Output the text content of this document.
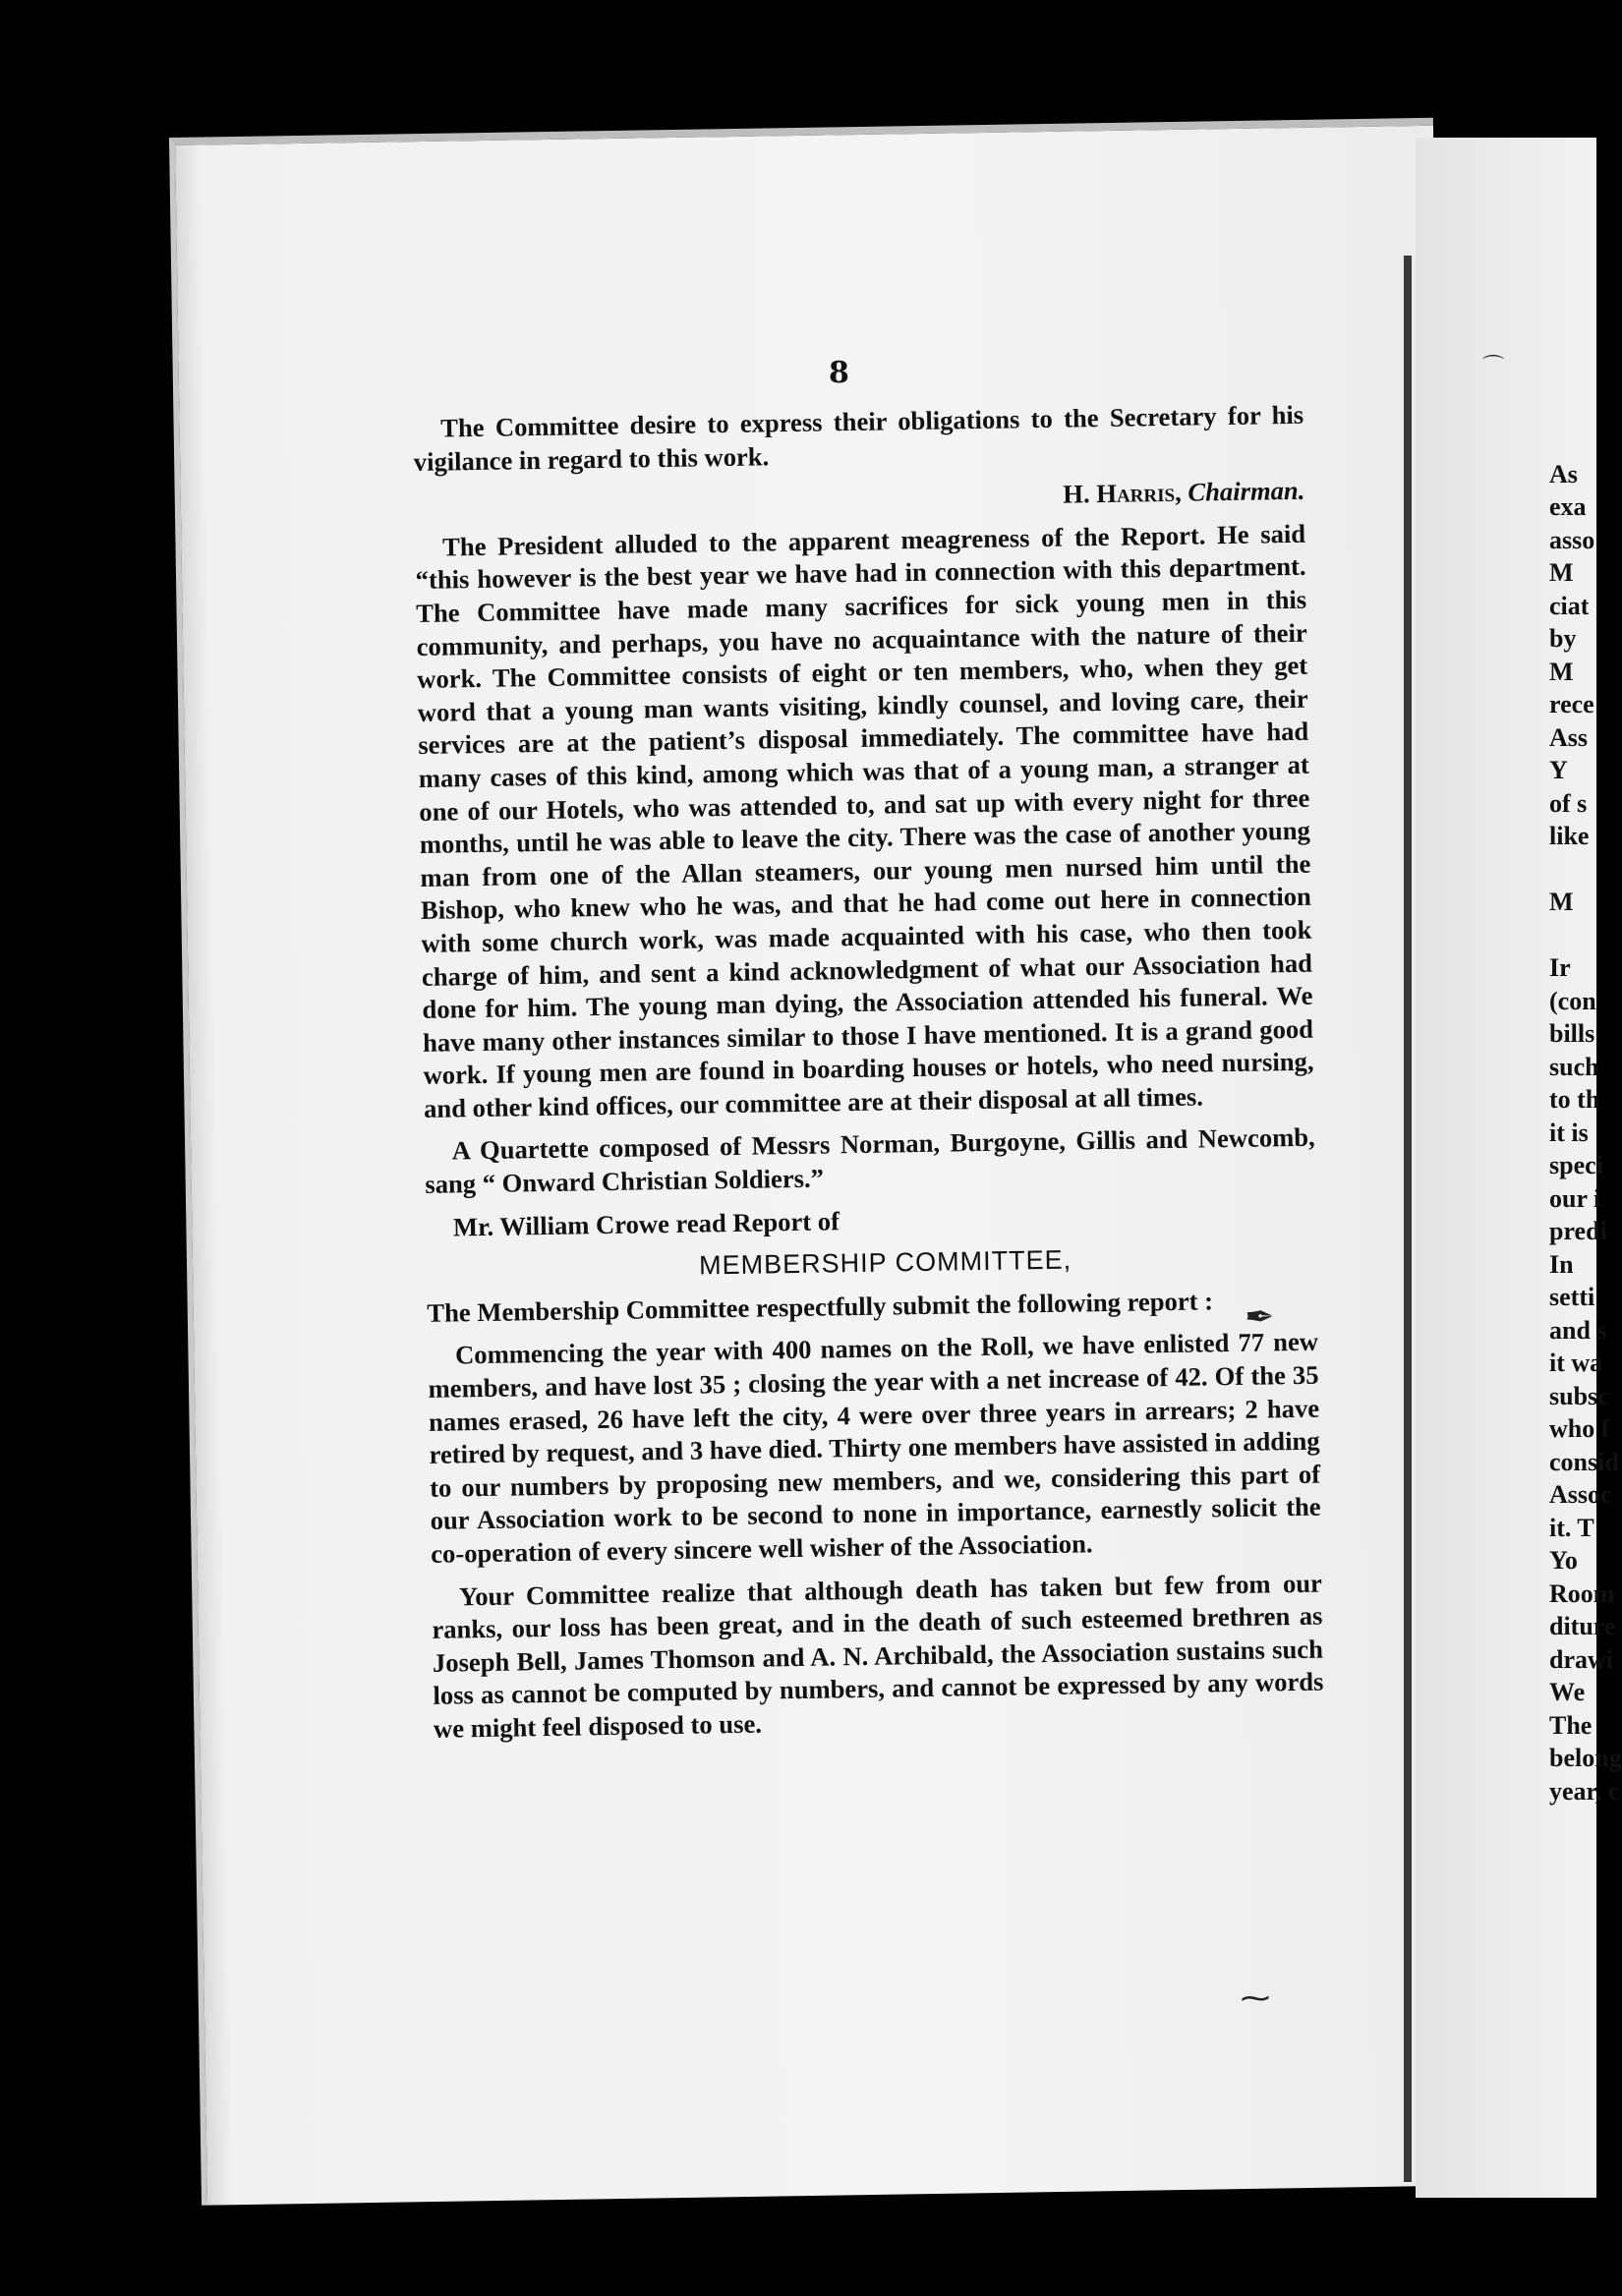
8

The Committee desire to express their obligations to the Secretary for his vigilance in regard to this work.

H. Harris, Chairman.

The President alluded to the apparent meagreness of the Report. He said “this however is the best year we have had in connection with this department. The Committee have made many sacrifices for sick young men in this community, and perhaps, you have no acquaintance with the nature of their work. The Committee consists of eight or ten members, who, when they get word that a young man wants visiting, kindly counsel, and loving care, their services are at the patient’s disposal immediately. The committee have had many cases of this kind, among which was that of a young man, a stranger at one of our Hotels, who was attended to, and sat up with every night for three months, until he was able to leave the city. There was the case of another young man from one of the Allan steamers, our young men nursed him until the Bishop, who knew who he was, and that he had come out here in connection with some church work, was made acquainted with his case, who then took charge of him, and sent a kind acknowledgment of what our Association had done for him. The young man dying, the Association attended his funeral. We have many other instances similar to those I have mentioned. It is a grand good work. If young men are found in boarding houses or hotels, who need nursing, and other kind offices, our committee are at their disposal at all times.

A Quartette composed of Messrs Norman, Burgoyne, Gillis and Newcomb, sang “ Onward Christian Soldiers.”

Mr. William Crowe read Report of

MEMBERSHIP COMMITTEE,

The Membership Committee respectfully submit the following report :

Commencing the year with 400 names on the Roll, we have enlisted 77 new members, and have lost 35 ; closing the year with a net increase of 42. Of the 35 names erased, 26 have left the city, 4 were over three years in arrears; 2 have retired by request, and 3 have died. Thirty one members have assisted in adding to our numbers by proposing new members, and we, considering this part of our Association work to be second to none in importance, earnestly solicit the co-operation of every sincere well wisher of the Association.

Your Committee realize that although death has taken but few from our ranks, our loss has been great, and in the death of such esteemed brethren as Joseph Bell, James Thomson and A. N. Archibald, the Association sustains such loss as cannot be computed by numbers, and cannot be expressed by any words we might feel disposed to use.

As
exa
asso
M
ciat
by
M
rece
Ass
Y
of s
like
M
Ir
(con
bills
such
to th
it is
speci
our i
predi
In
setti
and s
it wa
subsc
who f
consid
Assoc
it. T
Yo
Room
diture
drawi
We
The
belong
year, c
⌒
✒
⁓
